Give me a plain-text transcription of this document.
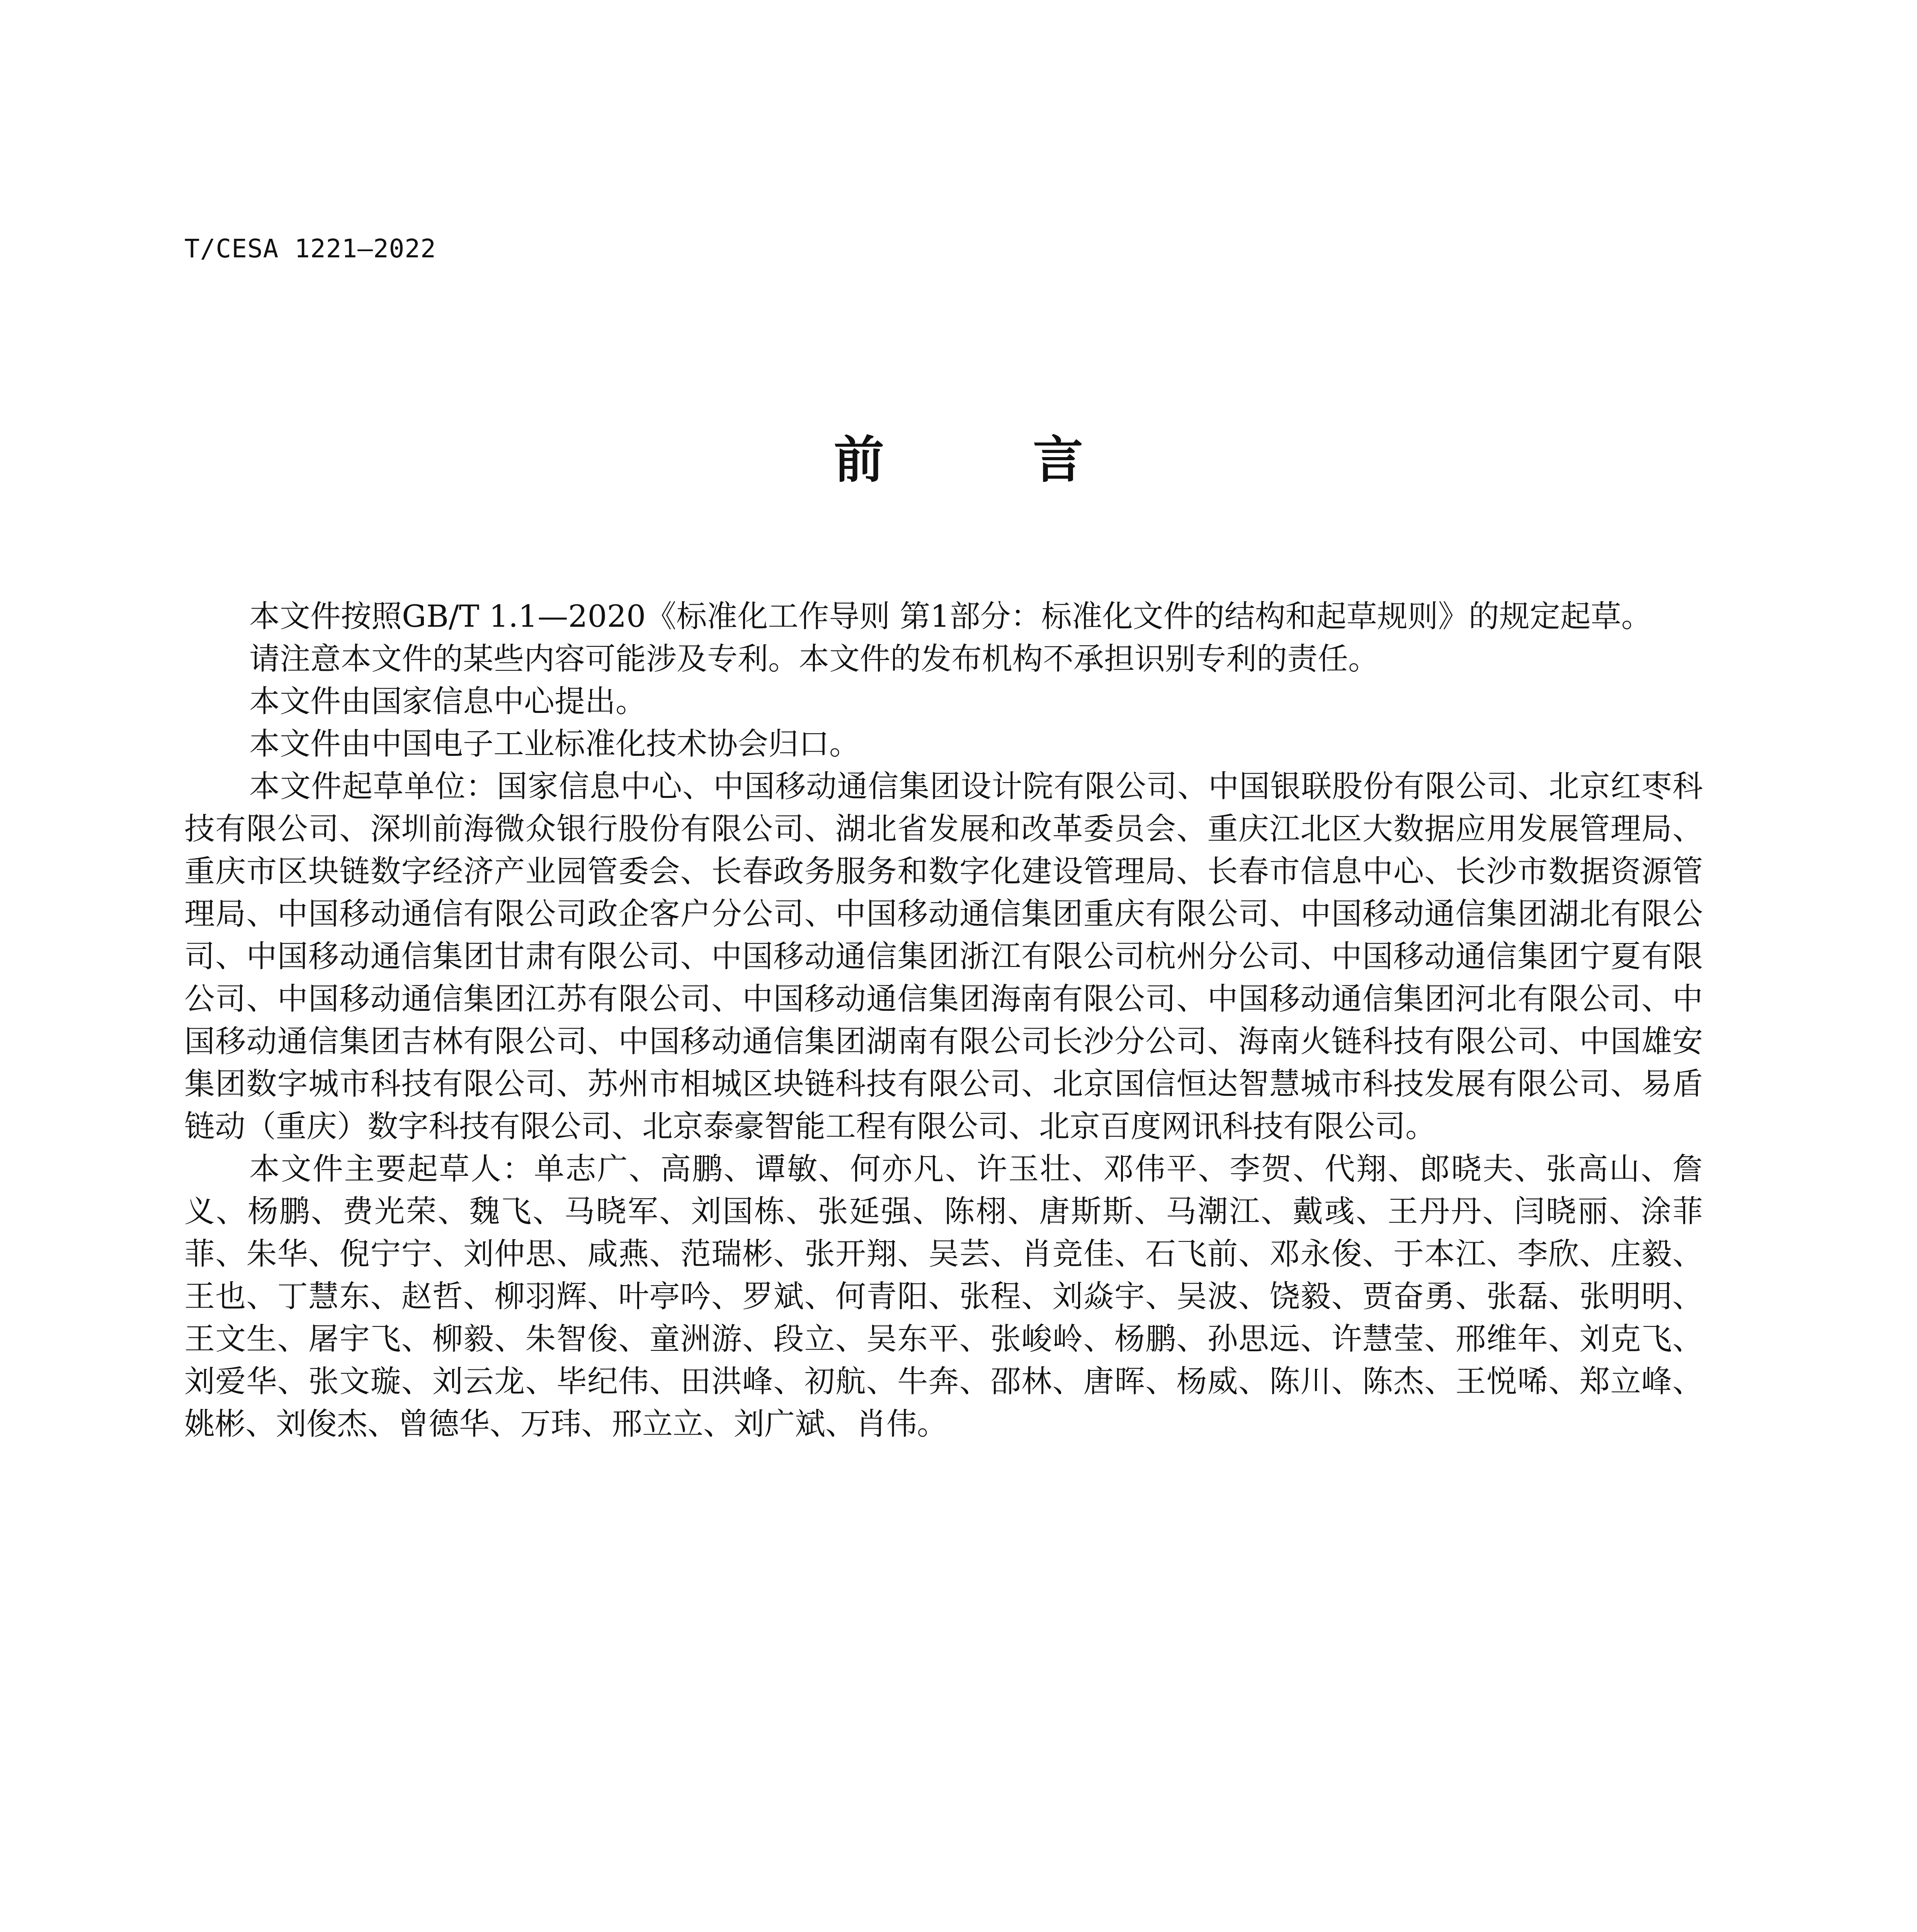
T/CESA 1221—2022
前 言

本文件按照GB/T 1.1—2020《标准化工作导则 第1部分：标准化文件的结构和起草规则》的规定起草。

请注意本文件的某些内容可能涉及专利。本文件的发布机构不承担识别专利的责任。

本文件由国家信息中心提出。

本文件由中国电子工业标准化技术协会归口。

本文件起草单位：国家信息中心、中国移动通信集团设计院有限公司、中国银联股份有限公司、北京红枣科技有限公司、深圳前海微众银行股份有限公司、湖北省发展和改革委员会、重庆江北区大数据应用发展管理局、重庆市区块链数字经济产业园管委会、长春政务服务和数字化建设管理局、长春市信息中心、长沙市数据资源管理局、中国移动通信有限公司政企客户分公司、中国移动通信集团重庆有限公司、中国移动通信集团湖北有限公司、中国移动通信集团甘肃有限公司、中国移动通信集团浙江有限公司杭州分公司、中国移动通信集团宁夏有限公司、中国移动通信集团江苏有限公司、中国移动通信集团海南有限公司、中国移动通信集团河北有限公司、中国移动通信集团吉林有限公司、中国移动通信集团湖南有限公司长沙分公司、海南火链科技有限公司、中国雄安集团数字城市科技有限公司、苏州市相城区块链科技有限公司、北京国信恒达智慧城市科技发展有限公司、易盾链动（重庆）数字科技有限公司、北京泰豪智能工程有限公司、北京百度网讯科技有限公司。

本文件主要起草人：单志广、高鹏、谭敏、何亦凡、许玉壮、邓伟平、李贺、代翔、郎晓夫、张高山、詹义、杨鹏、费光荣、魏飞、马晓军、刘国栋、张延强、陈栩、唐斯斯、马潮江、戴彧、王丹丹、闫晓丽、涂菲菲、朱华、倪宁宁、刘仲思、咸燕、范瑞彬、张开翔、吴芸、肖竞佳、石飞前、邓永俊、于本江、李欣、庄毅、王也、丁慧东、赵哲、柳羽辉、叶亭吟、罗斌、何青阳、张程、刘焱宇、吴波、饶毅、贾奋勇、张磊、张明明、王文生、屠宇飞、柳毅、朱智俊、童洲游、段立、吴东平、张峻岭、杨鹏、孙思远、许慧莹、邢维年、刘克飞、刘爱华、张文璇、刘云龙、毕纪伟、田洪峰、初航、牛奔、邵林、唐晖、杨威、陈川、陈杰、王悦唏、郑立峰、姚彬、刘俊杰、曾德华、万玮、邢立立、刘广斌、肖伟。
